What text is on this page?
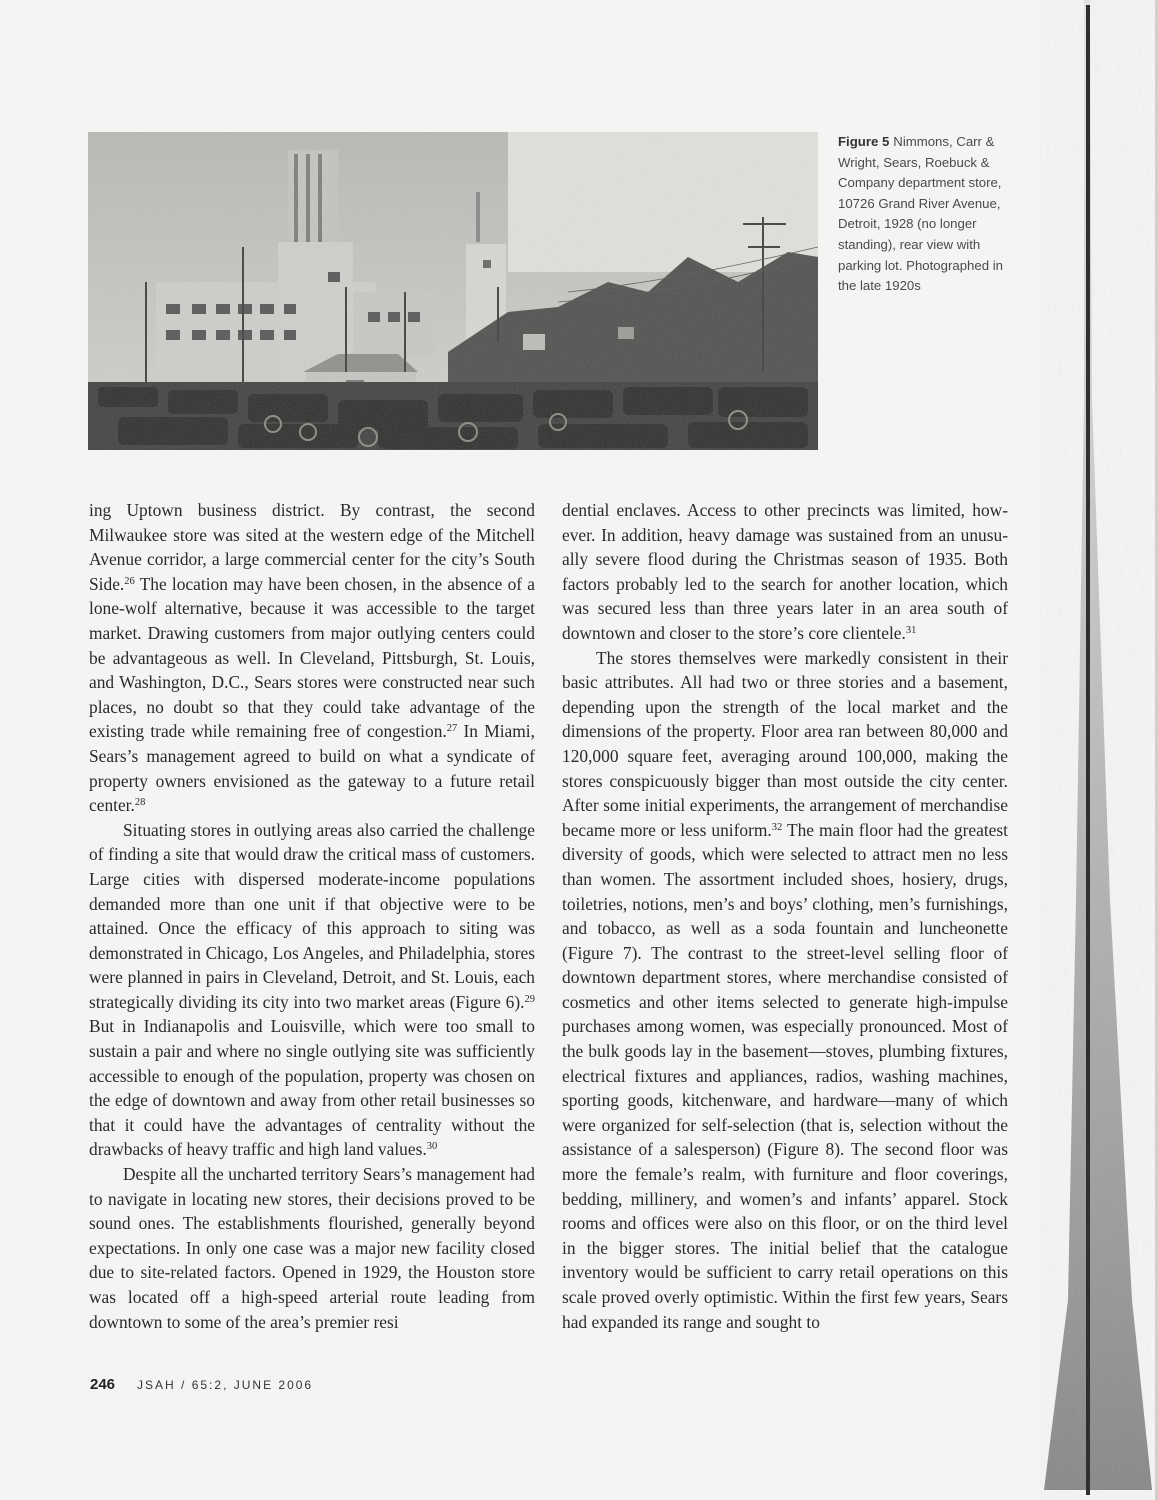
Figure 5 Nimmons, Carr & Wright, Sears, Roebuck & Company department store, 10726 Grand River Avenue, Detroit, 1928 (no longer standing), rear view with parking lot. Photographed in the late 1920s

ing Uptown business district. By contrast, the second Milwaukee store was sited at the western edge of the Mitchell Avenue corridor, a large commercial center for the city’s South Side.$^{26}$ The location may have been chosen, in the absence of a lone-wolf alternative, because it was accessible to the target market. Drawing customers from major outlying centers could be advantageous as well. In Cleveland, Pittsburgh, St. Louis, and Washington, D.C., Sears stores were constructed near such places, no doubt so that they could take advantage of the existing trade while remaining free of congestion.$^{27}$ In Miami, Sears’s management agreed to build on what a syndicate of property owners envisioned as the gateway to a future retail center.$^{28}$

Situating stores in outlying areas also carried the challenge of finding a site that would draw the critical mass of customers. Large cities with dispersed moderate-income populations demanded more than one unit if that objective were to be attained. Once the efficacy of this approach to siting was demonstrated in Chicago, Los Angeles, and Philadelphia, stores were planned in pairs in Cleveland, Detroit, and St. Louis, each strategically dividing its city into two market areas (Figure 6).$^{29}$ But in Indianapolis and Louisville, which were too small to sustain a pair and where no single outlying site was sufficiently accessible to enough of the population, property was chosen on the edge of downtown and away from other retail businesses so that it could have the advantages of centrality without the drawbacks of heavy traffic and high land values.$^{30}$

Despite all the uncharted territory Sears’s management had to navigate in locating new stores, their decisions proved to be sound ones. The establishments flourished, generally beyond expectations. In only one case was a major new facility closed due to site-related factors. Opened in 1929, the Houston store was located off a high-speed arterial route leading from downtown to some of the area’s premier resi

dential enclaves. Access to other precincts was limited, however. In addition, heavy damage was sustained from an unusually severe flood during the Christmas season of 1935. Both factors probably led to the search for another location, which was secured less than three years later in an area south of downtown and closer to the store’s core clientele.$^{31}$

The stores themselves were markedly consistent in their basic attributes. All had two or three stories and a basement, depending upon the strength of the local market and the dimensions of the property. Floor area ran between 80,000 and 120,000 square feet, averaging around 100,000, making the stores conspicuously bigger than most outside the city center. After some initial experiments, the arrangement of merchandise became more or less uniform.$^{32}$ The main floor had the greatest diversity of goods, which were selected to attract men no less than women. The assortment included shoes, hosiery, drugs, toiletries, notions, men’s and boys’ clothing, men’s furnishings, and tobacco, as well as a soda fountain and luncheonette (Figure 7). The contrast to the street-level selling floor of downtown department stores, where merchandise consisted of cosmetics and other items selected to generate high-impulse purchases among women, was especially pronounced. Most of the bulk goods lay in the basement—stoves, plumbing fixtures, electrical fixtures and appliances, radios, washing machines, sporting goods, kitchenware, and hardware—many of which were organized for self-selection (that is, selection without the assistance of a salesperson) (Figure 8). The second floor was more the female’s realm, with furniture and floor coverings, bedding, millinery, and women’s and infants’ apparel. Stock rooms and offices were also on this floor, or on the third level in the bigger stores. The initial belief that the catalogue inventory would be sufficient to carry retail operations on this scale proved overly optimistic. Within the first few years, Sears had expanded its range and sought to

246 JSAH / 65:2, JUNE 2006
